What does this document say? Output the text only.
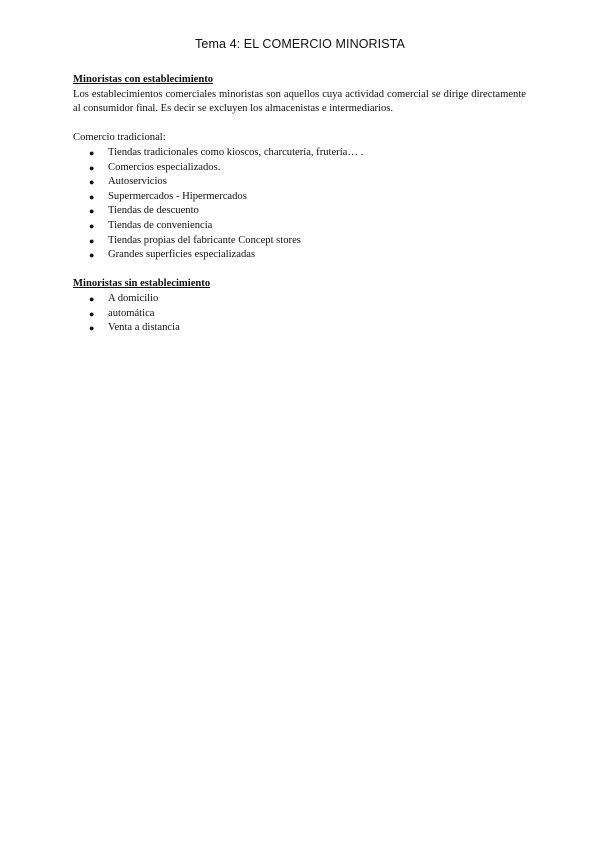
Tema 4: EL COMERCIO MINORISTA

Minoristas con establecimiento

Los establecimientos comerciales minoristas son aquellos cuya actividad comercial se dirige directamente al consumidor final. Es decir se excluyen los almacenistas e intermediarios.

Comercio tradicional:

● Tiendas tradicionales como kioscos, charcutería, frutería… .
● Comercios especializados.
● Autoservicios
● Supermercados - Hipermercados
● Tiendas de descuento
● Tiendas de conveniencia
● Tiendas propias del fabricante Concept stores
● Grandes superficies especializadas

Minoristas sin establecimiento

● A domicilio
● automática
● Venta a distancia
